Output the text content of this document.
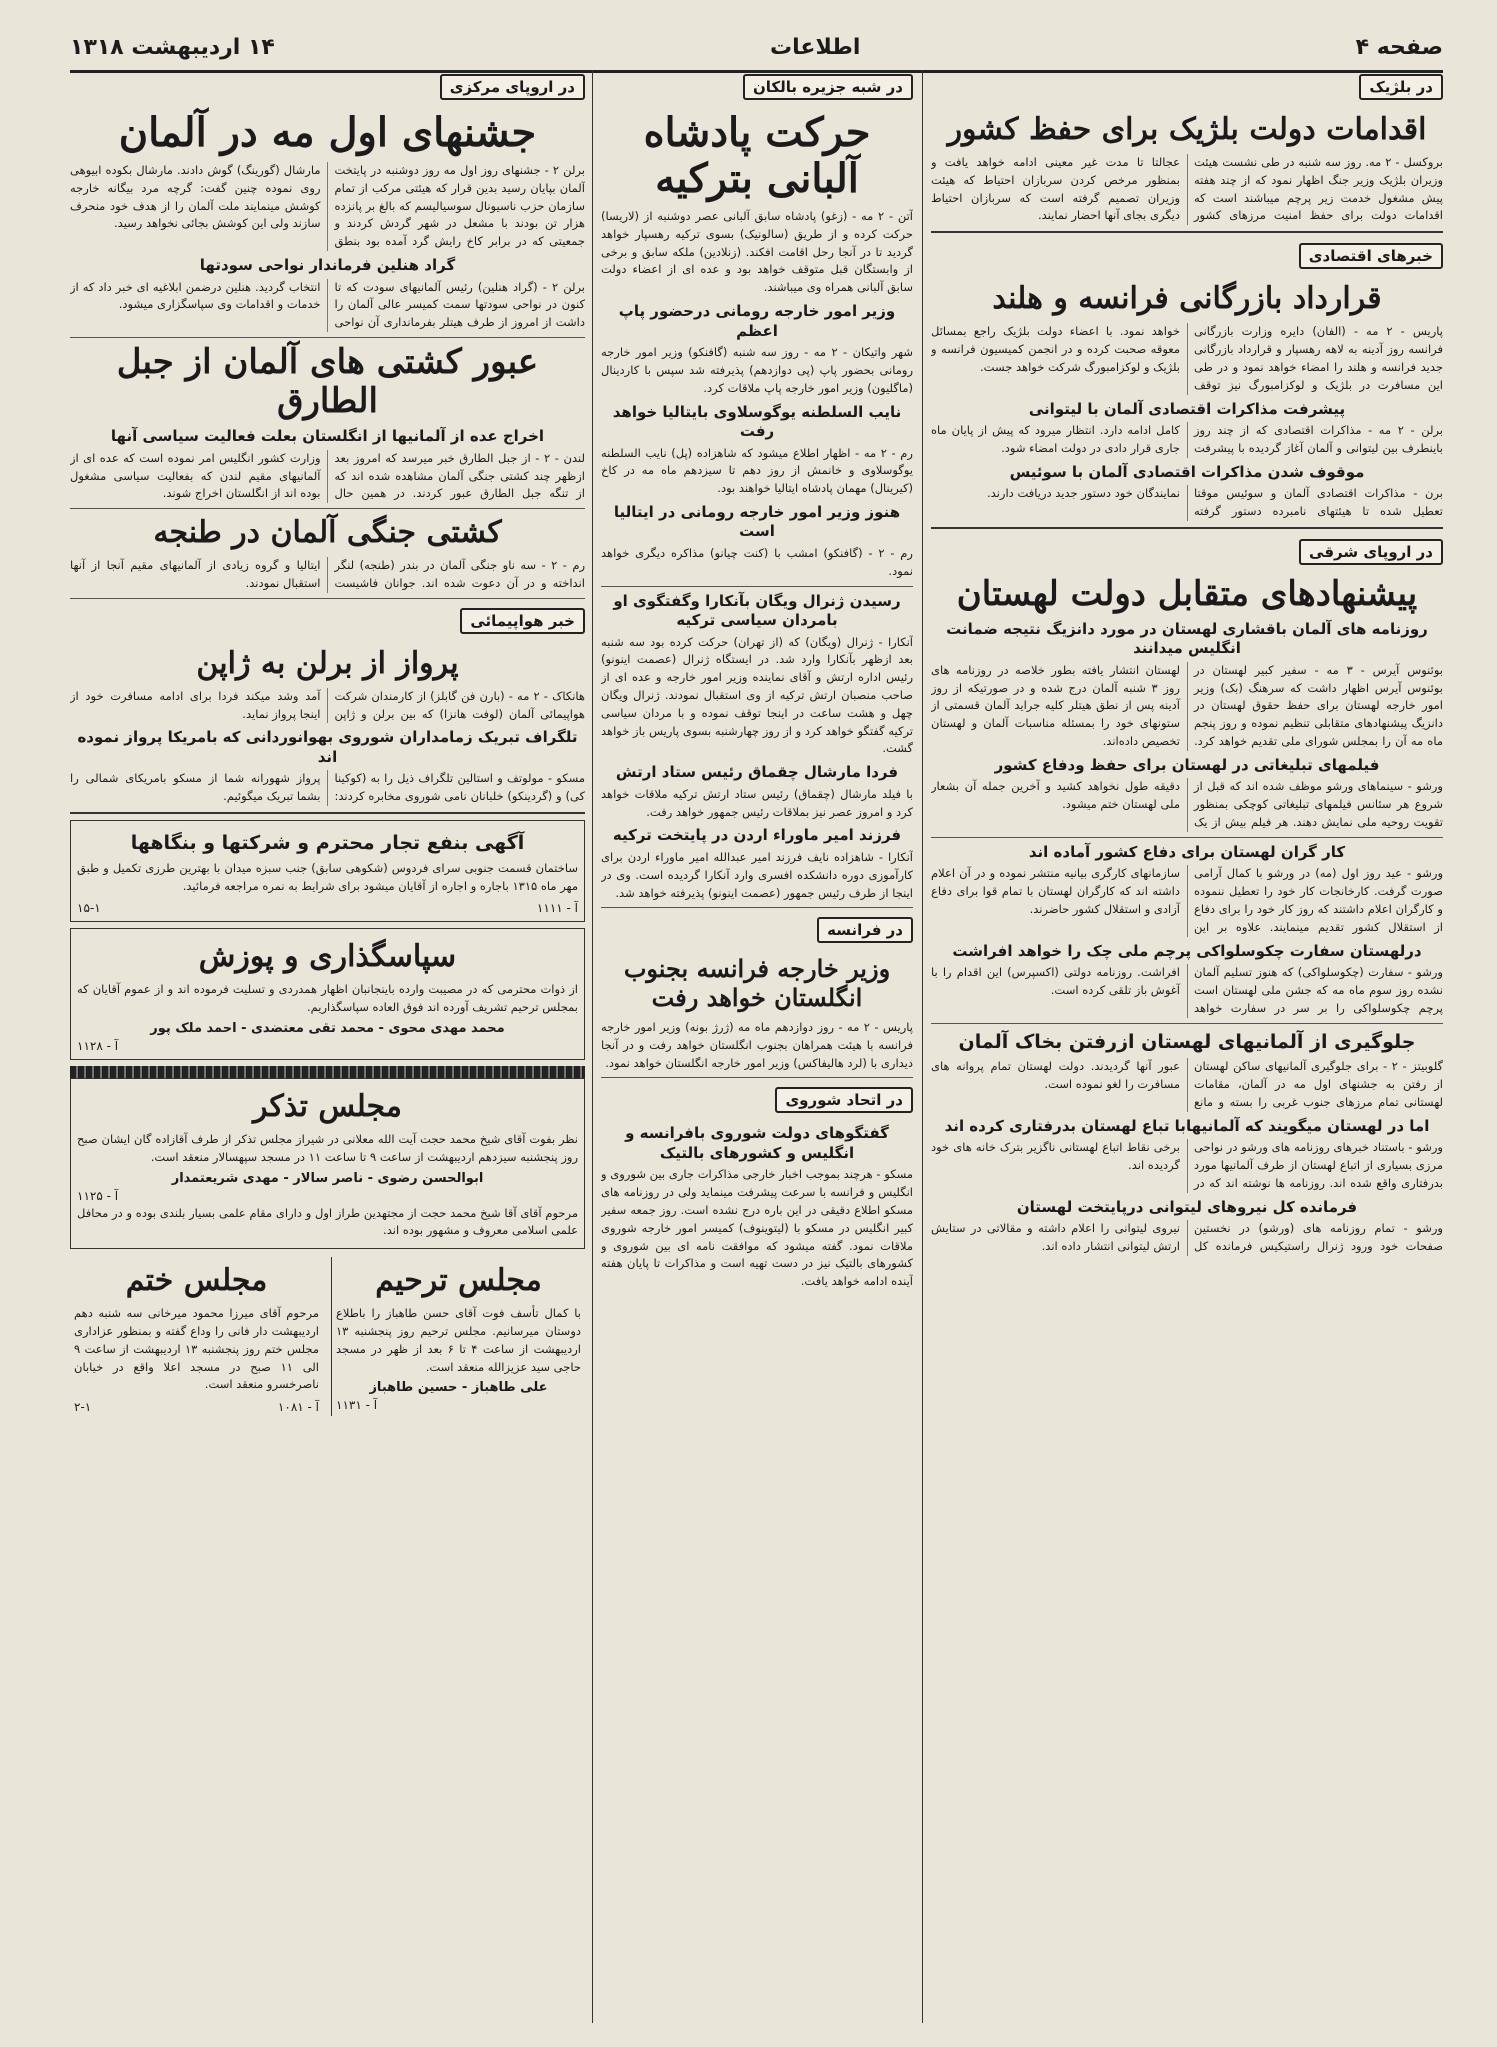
صفحه ۴
اطلاعات
۱۴ اردیبهشت ۱۳۱۸
در بلژیک
اقدامات دولت بلژیک برای حفظ کشور

بروکسل - ۲ مه. روز سه شنبه در طی نشست هیئت وزیران بلژیک وزیر جنگ اظهار نمود که از چند هفته پیش مشغول خدمت زیر پرچم میباشند است که اقدامات دولت برای حفظ امنیت مرزهای کشور عجالتا تا مدت غیر معینی ادامه خواهد یافت و بمنظور مرخص کردن سربازان احتیاط که هیئت وزیران تصمیم گرفته است که سربازان احتیاط دیگری بجای آنها احضار نمایند.

خبرهای اقتصادی
قرارداد بازرگانی فرانسه و هلند

پاریس - ۲ مه - (الفان) دایره وزارت بازرگانی فرانسه روز آدینه به لاهه رهسپار و قرارداد بازرگانی جدید فرانسه و هلند را امضاء خواهد نمود و در طی این مسافرت در بلژیک و لوکزامبورگ نیز توقف خواهد نمود. با اعضاء دولت بلژیک راجع بمسائل معوقه صحبت کرده و در انجمن کمیسیون فرانسه و بلژیک و لوکزامبورگ شرکت خواهد جست.

پیشرفت مذاکرات اقتصادی آلمان با لیتوانی

برلن - ۲ مه - مذاکرات اقتصادی که از چند روز باینطرف بین لیتوانی و آلمان آغاز گردیده با پیشرفت کامل ادامه دارد. انتظار میرود که پیش از پایان ماه جاری قرار دادی در دولت امضاء شود.

موقوف شدن مذاکرات اقتصادی آلمان با سوئیس

برن - مذاکرات اقتصادی آلمان و سوئیس موقتا تعطیل شده تا هیئتهای نامبرده دستور گرفته نمایندگان خود دستور جدید دریافت دارند.

در اروپای شرقی
پیشنهادهای متقابل دولت لهستان
روزنامه های آلمان باقشاری لهستان در مورد دانزیگ نتیجه ضمانت انگلیس میدانند

بوئنوس آیرس - ۳ مه - سفیر کبیر لهستان در بوئنوس آیرس اظهار داشت که سرهنگ (بک) وزیر امور خارجه لهستان برای حفظ حقوق لهستان در دانزیگ پیشنهادهای متقابلی تنظیم نموده و روز پنجم ماه مه آن را بمجلس شورای ملی تقدیم خواهد کرد. لهستان انتشار یافته بطور خلاصه در روزنامه های روز ۳ شنبه آلمان درج شده و در صورتیکه از روز آدینه پس از نطق هیتلر کلیه جراید آلمان قسمتی از ستونهای خود را بمسئله مناسبات آلمان و لهستان تخصیص داده‌اند.

فیلمهای تبلیغاتی در لهستان برای حفظ ودفاع کشور

ورشو - سینماهای ورشو موظف شده اند که قبل از شروع هر سئانس فیلمهای تبلیغاتی کوچکی بمنظور تقویت روحیه ملی نمایش دهند. هر فیلم بیش از یک دقیقه طول نخواهد کشید و آخرین جمله آن بشعار ملی لهستان ختم میشود.

کار گران لهستان برای دفاع کشور آماده اند

ورشو - عید روز اول (مه) در ورشو با کمال آرامی صورت گرفت. کارخانجات کار خود را تعطیل ننموده و کارگران اعلام داشتند که روز کار خود را برای دفاع از استقلال کشور تقدیم مینمایند. علاوه بر این سازمانهای کارگری بیانیه منتشر نموده و در آن اعلام داشته اند که کارگران لهستان با تمام قوا برای دفاع آزادی و استقلال کشور حاضرند.

درلهستان سفارت چکوسلواکی پرچم ملی چک را خواهد افراشت

ورشو - سفارت (چکوسلواکی) که هنوز تسلیم آلمان نشده روز سوم ماه مه که جشن ملی لهستان است پرچم چکوسلواکی را بر سر در سفارت خواهد افراشت. روزنامه دولتی (اکسپرس) این اقدام را با آغوش باز تلقی کرده است.

جلوگیری از آلمانیهای لهستان ازرفتن بخاک آلمان

گلوبیتز - ۲ - برای جلوگیری آلمانیهای ساکن لهستان از رفتن به جشنهای اول مه در آلمان، مقامات لهستانی تمام مرزهای جنوب غربی را بسته و مانع عبور آنها گردیدند. دولت لهستان تمام پروانه های مسافرت را لغو نموده است.

اما در لهستان میگویند که آلمانیهابا تباع لهستان بدرفتاری کرده اند

ورشو - باستناد خبرهای روزنامه های ورشو در نواحی مرزی بسیاری از اتباع لهستان از طرف آلمانیها مورد بدرفتاری واقع شده اند. روزنامه ها نوشته اند که در برخی نقاط اتباع لهستانی ناگزیر بترک خانه های خود گردیده اند.

فرمانده کل نیروهای لیتوانی درپایتخت لهستان

ورشو - تمام روزنامه های (ورشو) در نخستین صفحات خود ورود ژنرال راستیکیس فرمانده کل نیروی لیتوانی را اعلام داشته و مقالاتی در ستایش ارتش لیتوانی انتشار داده اند.

در شبه جزیره بالکان
حرکت پادشاه آلبانی بترکیه

آتن - ۲ مه - (زغو) پادشاه سابق آلبانی عصر دوشنبه از (لاریسا) حرکت کرده و از طریق (سالونیک) بسوی ترکیه رهسپار خواهد گردید تا در آنجا رحل اقامت افکند. (زنلادین) ملکه سابق و برخی از وابستگان قبل متوقف خواهد بود و عده ای از اعضاء دولت سابق آلبانی همراه وی میباشند.

وزیر امور خارجه رومانی درحضور پاپ اعظم

شهر واتیکان - ۲ مه - روز سه شنبه (گافنکو) وزیر امور خارجه رومانی بحضور پاپ (پی دوازدهم) پذیرفته شد سپس با کاردینال (ماگلیون) وزیر امور خارجه پاپ ملاقات کرد.

نایب السلطنه یوگوسلاوی بایتالیا خواهد رفت

رم - ۲ مه - اظهار اطلاع میشود که شاهزاده (پل) نایب السلطنه یوگوسلاوی و خانمش از روز دهم تا سیزدهم ماه مه در کاخ (کیرینال) مهمان پادشاه ایتالیا خواهند بود.

هنوز وزیر امور خارجه رومانی در ایتالیا است

رم - ۲ - (گافنکو) امشب با (کنت چیانو) مذاکره دیگری خواهد نمود.

رسیدن ژنرال ویگان بآنکارا وگفتگوی او بامردان سیاسی ترکیه

آنکارا - ژنرال (ویگان) که (از تهران) حرکت کرده بود سه شنبه بعد ازظهر بآنکارا وارد شد. در ایستگاه ژنرال (عصمت اینونو) رئیس اداره ارتش و آقای نماینده وزیر امور خارجه و عده ای از صاحب منصبان ارتش ترکیه از وی استقبال نمودند. ژنرال ویگان چهل و هشت ساعت در اینجا توقف نموده و با مردان سیاسی ترکیه گفتگو خواهد کرد و از روز چهارشنبه بسوی پاریس باز خواهد گشت.

فردا مارشال چقماق رئیس ستاد ارتش

با فیلد مارشال (چقماق) رئیس ستاد ارتش ترکیه ملاقات خواهد کرد و امروز عصر نیز بملاقات رئیس جمهور خواهد رفت.

فرزند امیر ماوراء اردن در پایتخت ترکیه

آنکارا - شاهزاده نایف فرزند امیر عبدالله امیر ماوراء اردن برای کارآموزی دوره دانشکده افسری وارد آنکارا گردیده است. وی در اینجا از طرف رئیس جمهور (عصمت اینونو) پذیرفته خواهد شد.

در فرانسه
وزیر خارجه فرانسه بجنوب انگلستان خواهد رفت

پاریس - ۲ مه - روز دوازدهم ماه مه (ژرژ بونه) وزیر امور خارجه فرانسه با هیئت همراهان بجنوب انگلستان خواهد رفت و در آنجا دیداری با (لرد هالیفاکس) وزیر امور خارجه انگلستان خواهد نمود.

در اتحاد شوروی
گفتگوهای دولت شوروی بافرانسه و انگلیس و کشورهای بالتیک

مسکو - هرچند بموجب اخبار خارجی مذاکرات جاری بین شوروی و انگلیس و فرانسه با سرعت پیشرفت مینماید ولی در روزنامه های مسکو اطلاع دقیقی در این باره درج نشده است. روز جمعه سفیر کبیر انگلیس در مسکو با (لیتوینوف) کمیسر امور خارجه شوروی ملاقات نمود. گفته میشود که موافقت نامه ای بین شوروی و کشورهای بالتیک نیز در دست تهیه است و مذاکرات تا پایان هفته آینده ادامه خواهد یافت.

در اروپای مرکزی
جشنهای اول مه در آلمان

برلن ۲ - جشنهای روز اول مه روز دوشنبه در پایتخت آلمان بپایان رسید بدین قرار که هیئتی مرکب از تمام سازمان حزب ناسیونال سوسیالیسم که بالغ بر پانزده هزار تن بودند با مشعل در شهر گردش کردند و جمعیتی که در برابر کاخ رایش گرد آمده بود بنطق مارشال (گورینگ) گوش دادند. مارشال بکوده ابیوهی روی نموده چنین گفت: گرچه مرد بیگانه خارجه کوشش مینمایند ملت آلمان را از هدف خود منحرف سازند ولی این کوشش بجائی نخواهد رسید.

گراد هنلین فرماندار نواحی سودتها

برلن ۲ - (گراد هنلین) رئیس آلمانیهای سودت که تا کنون در نواحی سودتها سمت کمیسر عالی آلمان را داشت از امروز از طرف هیتلر بفرمانداری آن نواحی انتخاب گردید. هنلین درضمن ابلاغیه ای خبر داد که از خدمات و اقدامات وی سپاسگزاری میشود.

عبور کشتی های آلمان از جبل الطارق
اخراج عده از آلمانیها از انگلستان بعلت فعالیت سیاسی آنها

لندن - ۲ - از جبل الطارق خبر میرسد که امروز بعد ازظهر چند کشتی جنگی آلمان مشاهده شده اند که از تنگه جبل الطارق عبور کردند. در همین حال وزارت کشور انگلیس امر نموده است که عده ای از آلمانیهای مقیم لندن که بفعالیت سیاسی مشغول بوده اند از انگلستان اخراج شوند.

کشتی جنگی آلمان در طنجه

رم - ۲ - سه ناو جنگی آلمان در بندر (طنجه) لنگر انداخته و در آن دعوت شده اند. جوانان فاشیست ایتالیا و گروه زیادی از آلمانیهای مقیم آنجا از آنها استقبال نمودند.

خبر هواپیمائی
پرواز از برلن به ژاپن

هانکاک - ۲ مه - (بارن فن گابلز) از کارمندان شرکت هواپیمائی آلمان (لوفت هانزا) که بین برلن و ژاپن آمد وشد میکند فردا برای ادامه مسافرت خود از اینجا پرواز نماید.

تلگراف تبریک زمامداران شوروی بهوانوردانی که بامریکا پرواز نموده اند

مسکو - مولوتف و استالین تلگراف ذیل را به (کوکینا کی) و (گردینکو) خلبانان نامی شوروی مخابره کردند: پرواز شهورانه شما از مسکو بامریکای شمالی را بشما تبریک میگوئیم.

آگهی بنفع تجار محترم و شرکتها و بنگاهها

ساختمان قسمت جنوبی سرای فردوس (شکوهی سابق) جنب سبزه میدان با بهترین طرزی تکمیل و طبق مهر ماه ۱۳۱۵ باجاره و اجاره از آقایان میشود برای شرایط به نمره مراجعه فرمائید.

آ - ۱۱۱۱
۱۵-۱
سپاسگذاری و پوزش

از ذوات محترمی که در مصیبت وارده باینجانبان اظهار همدردی و تسلیت فرموده اند و از عموم آقایان که بمجلس ترحیم تشریف آورده اند فوق العاده سپاسگذاریم.

محمد مهدی محوی - محمد تقی معتضدی - احمد ملک پور
آ - ۱۱۲۸
مجلس تذکر

نظر بفوت آقای شیخ محمد حجت آیت الله معلانی در شیراز مجلس تذکر از طرف آقازاده گان ایشان صبح روز پنجشنبه سیزدهم اردیبهشت از ساعت ۹ تا ساعت ۱۱ در مسجد سپهسالار منعقد است.

ابوالحسن رضوی - ناصر سالار - مهدی شریعتمدار
آ - ۱۱۲۵

مرحوم آقای آقا شیخ محمد حجت از مجتهدین طراز اول و دارای مقام علمی بسیار بلندی بوده و در محافل علمی اسلامی معروف و مشهور بوده اند.

مجلس ترحیم

با کمال تأسف فوت آقای حسن طاهباز را باطلاع دوستان میرسانیم. مجلس ترحیم روز پنجشنبه ۱۳ اردیبهشت از ساعت ۴ تا ۶ بعد از ظهر در مسجد حاجی سید عزیزالله منعقد است.

علی طاهباز - حسین طاهباز
آ - ۱۱۳۱
مجلس ختم

مرحوم آقای میرزا محمود میرخانی سه شنبه دهم اردیبهشت دار فانی را وداع گفته و بمنظور عزاداری مجلس ختم روز پنجشنبه ۱۳ اردیبهشت از ساعت ۹ الی ۱۱ صبح در مسجد اعلا واقع در خیابان ناصرخسرو منعقد است.

آ - ۱۰۸۱
۲-۱
